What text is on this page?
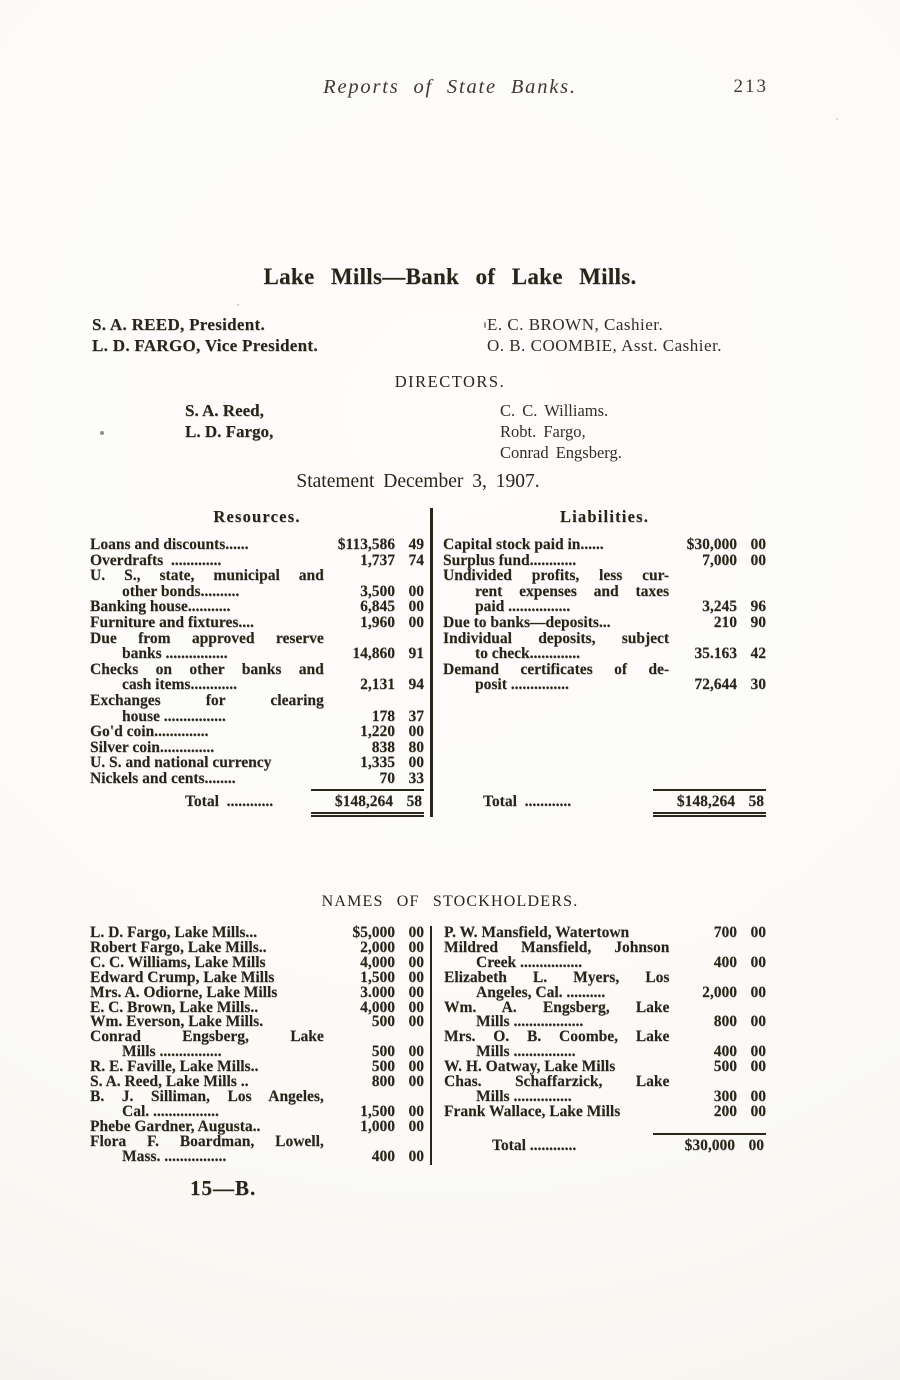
Reports of State Banks.	213
Lake Mills—Bank of Lake Mills.
S. A. REED, President.
L. D. FARGO, Vice President.
E. C. BROWN, Cashier.
O. B. COOMBIE, Asst. Cashier.
DIRECTORS.
S. A. Reed,
L. D. Fargo,
C. C. Williams.
Robt. Fargo,
Conrad Engsberg.
Statement December 3, 1907.
Resources.
Loans and discounts......	$113,586 49
Overdrafts  .............	1,737 74
U. S., state, municipal and
other bonds..........	3,500 00
Banking house...........	6,845 00
Furniture and fixtures....	1,960 00
Due from approved reserve
banks ................	14,860 91
Checks on other banks and
cash items............	2,131 94
Exchanges for clearing
house ................	178 37
Go'd coin..............	1,220 00
Silver coin..............	838 80
U. S. and national currency	1,335 00
Nickels and cents........	70 33
Total  ............	$148,264 58
Liabilities.
Capital stock paid in......	$30,000 00
Surplus fund............	7,000 00
Undivided profits, less cur-
rent expenses and taxes
paid ................	3,245 96
Due to banks—deposits...	210 90
Individual deposits, subject
to check.............	35.163 42
Demand certificates of de-
posit ...............	72,644 30
Total  ............	$148,264 58
NAMES OF STOCKHOLDERS.
L. D. Fargo, Lake Mills...	$5,000 00
Robert Fargo, Lake Mills..	2,000 00
C. C. Williams, Lake Mills	4,000 00
Edward Crump, Lake Mills	1,500 00
Mrs. A. Odiorne, Lake Mills	3.000 00
E. C. Brown, Lake Mills..	4,000 00
Wm. Everson, Lake Mills.	500 00
Conrad Engsberg, Lake
Mills ................	500 00
R. E. Faville, Lake Mills..	500 00
S. A. Reed, Lake Mills ..	800 00
B. J. Silliman, Los Angeles,
Cal. .................	1,500 00
Phebe Gardner, Augusta..	1,000 00
Flora F. Boardman, Lowell,
Mass. ................	400 00
P. W. Mansfield, Watertown	700 00
Mildred Mansfield, Johnson
Creek ................	400 00
Elizabeth L. Myers, Los
Angeles, Cal. ..........	2,000 00
Wm. A. Engsberg, Lake
Mills ..................	800 00
Mrs. O. B. Coombe, Lake
Mills ................	400 00
W. H. Oatway, Lake Mills	500 00
Chas. Schaffarzick, Lake
Mills ...............	300 00
Frank Wallace, Lake Mills	200 00
Total ............	$30,000 00
15—B.
